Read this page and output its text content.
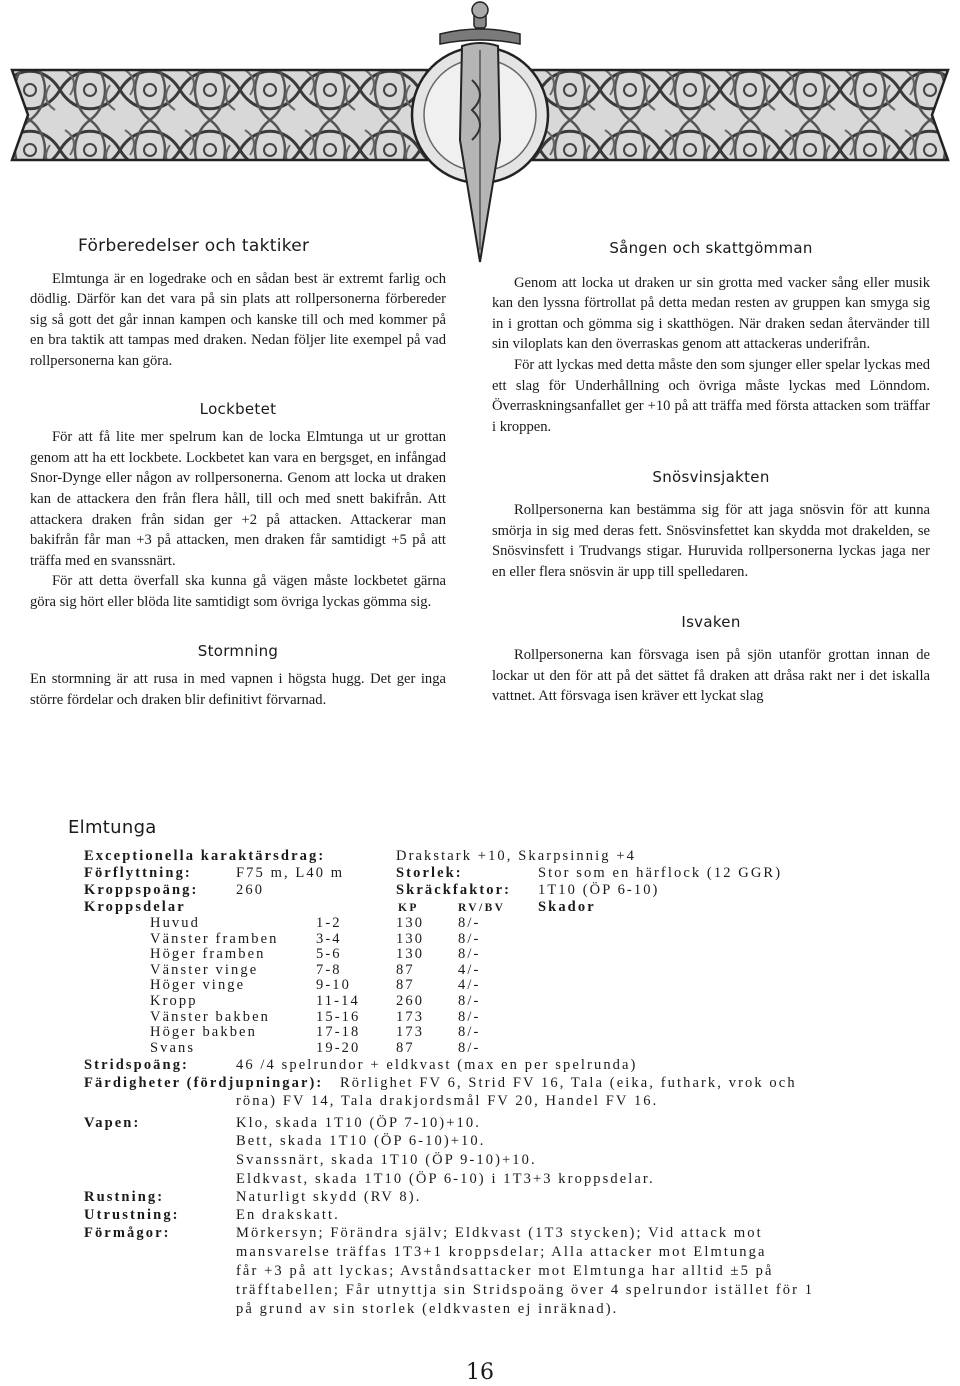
Förberedelser och taktiker

Elmtunga är en logedrake och en sådan best är extremt farlig och dödlig. Därför kan det vara på sin plats att rollpersonerna förbereder sig så gott det går innan kampen och kanske till och med kommer på en bra taktik att tampas med draken. Nedan följer lite exempel på vad rollpersonerna kan göra.

Lockbetet

För att få lite mer spelrum kan de locka Elmtunga ut ur grottan genom att ha ett lockbete. Lockbetet kan vara en bergsget, en infångad Snor-Dynge eller någon av rollpersonerna. Genom att locka ut draken kan de attackera den från flera håll, till och med snett bakifrån. Att attackera draken från sidan ger +2 på attacken. Attackerar man bakifrån får man +3 på attacken, men draken får samtidigt +5 på att träffa med en svanssnärt.

För att detta överfall ska kunna gå vägen måste lockbetet gärna göra sig hört eller blöda lite samtidigt som övriga lyckas gömma sig.

Stormning

En stormning är att rusa in med vapnen i högsta hugg. Det ger inga större fördelar och draken blir definitivt förvarnad.

Sången och skattgömman

Genom att locka ut draken ur sin grotta med vacker sång eller musik kan den lyssna förtrollat på detta medan resten av gruppen kan smyga sig in i grottan och gömma sig i skatthögen. När draken sedan återvänder till sin viloplats kan den överraskas genom att attackeras underifrån.

För att lyckas med detta måste den som sjunger eller spelar lyckas med ett slag för Underhållning och övriga måste lyckas med Lönndom. Överraskningsanfallet ger +10 på att träffa med första attacken som träffar i kroppen.

Snösvinsjakten

Rollpersonerna kan bestämma sig för att jaga snösvin för att kunna smörja in sig med deras fett. Snösvinsfettet kan skydda mot drakelden, se Snösvinsfett i Trudvangs stigar. Huruvida rollpersonerna lyckas jaga ner en eller flera snösvin är upp till spelledaren.

Isvaken

Rollpersonerna kan försvaga isen på sjön utanför grottan innan de lockar ut den för att på det sättet få draken att dråsa rakt ner i det iskalla vattnet. Att försvaga isen kräver ett lyckat slag

Elmtunga
Exceptionella karaktärsdrag:	Drakstark +10, Skarpsinnig +4
Förflyttning:	F75 m, L40 m	Storlek:	Stor som en härflock (12 GGR)
Kroppspoäng:	260	Skräckfaktor: 1T10 (ÖP 6-10)
Kroppsdelar	KP	RV/BV Skador
Huvud	1-2	130 8/-
Vänster framben	3-4	130 8/-
Höger framben	5-6	130 8/-
Vänster vinge	7-8	87	4/-
Höger vinge	9-10	87	4/-
Kropp	11-14 260 8/-
Vänster bakben	15-16 173 8/-
Höger bakben	17-18 173 8/-
Svans	19-20 87	8/-
Stridspoäng:	46 /4 spelrundor + eldkvast (max en per spelrunda)
Färdigheter (fördjupningar): Rörlighet FV 6, Strid FV 16, Tala (eika, futhark, vrok och
röna) FV 14, Tala drakjordsmål FV 20, Handel FV 16.
Vapen:	Klo, skada 1T10 (ÖP 7-10)+10.
Bett, skada 1T10 (ÖP 6-10)+10.
Svanssnärt, skada 1T10 (ÖP 9-10)+10.
Eldkvast, skada 1T10 (ÖP 6-10) i 1T3+3 kroppsdelar.
Rustning:	Naturligt skydd (RV 8).
Utrustning:	En drakskatt.
Förmågor:	Mörkersyn; Förändra själv; Eldkvast (1T3 stycken); Vid attack mot
mansvarelse träffas 1T3+1 kroppsdelar; Alla attacker mot Elmtunga
får +3 på att lyckas; Avståndsattacker mot Elmtunga har alltid ±5 på
träfftabellen; Får utnyttja sin Stridspoäng över 4 spelrundor istället för 1
på grund av sin storlek (eldkvasten ej inräknad).
16
